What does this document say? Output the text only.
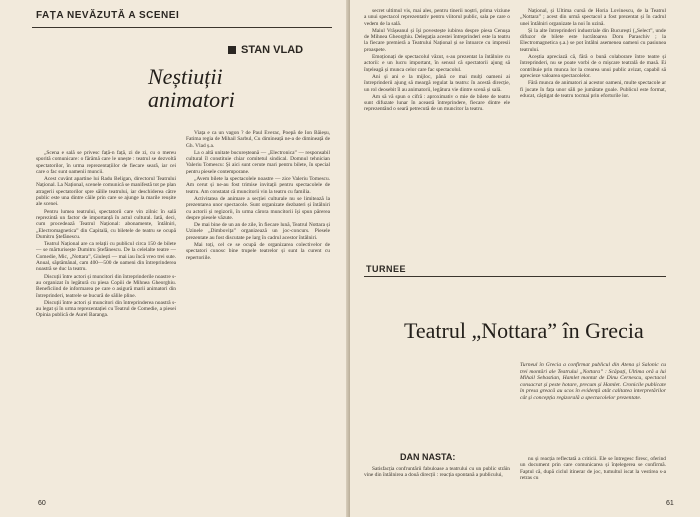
FAȚA NEVĂZUTĂ A SCENEI
STAN VLAD
Neștiuții animatori

„Scena e sală se privesc față-n față, zi de zi, cu o mereu sporită comunicare: o fărâmă care le unește : teatrul se dezvoltă spectatorilor, în urma reprezentațiilor de fiecare seară, iar cei care o fac sunt oamenii muncii.

Acest cuvânt apartine lui Radu Beligan, directorul Teatrului Național. La Național, scenele comunică se manifestă tot pe plan atragerii spectatorilor spre sălile teatrului, iar deschiderea către public este una dintre căile prin care se ajunge la marile reușite ale scenei.

Pentru lumea teatrului, spectatorii care vin zilnic în sală reprezintă un factor de importanță în actul cultural. Iată, deci, cum procedează Teatrul Național: abonamente, întâlniri, „Electromagnetica” din Capitală, cu biletele de teatru se ocupă Dumitru Ștefănescu.

Teatrul Național are ca relații cu publicul circa 150 de bilete — se mărturisește Dumitru Ștefănescu. De la celelalte teatre — Comedie, Mic, „Nottara”, Giulești — mai iau încă vreo trei sute. Anual, săptămânal, cam 400—500 de oameni din întreprinderea noastră se duc la teatru.

Discuții între actori și muncitori din întreprinderile noastre s-au organizat în legătură cu piesa Copiii de Mihnea Gheorghiu. Beneficiind de informarea pe care o asigură marii animatori din întreprinderi, teatrele se bucură de sălile pline.

Discuții între actori și muncitori din întreprinderea noastră s-au legat și în urma reprezentației cu Teatrul de Comedie, a piesei Opinia publică de Aurel Baranga.

Viața e ca un vagon ? de Paul Everac, Poepă de Ion Băieșu, Fatima regia de Mihail Sarbul, Cu dimineață ne-a de dimineață de Gh. Vlad ș.a.

La o altă unitate bucureșteană — „Electronica” — responsabil cultural îl constituie chiar comitetul sindical. Domnul tehnician Valeriu Tomescu: Și aici sunt cerute mari pentru bilete, în special pentru piesele contemporane.

„Avem bilete la spectacolele noastre — zice Valeriu Tomescu. Am cerut și ne-au fost trimise invitații pentru spectacolele de teatru. Am constatat că muncitorii vin la teatru cu familia.

Activitatea de animare a secției culturale nu se limitează la prezentarea unor spectacole. Sunt organizate dezbateri și întâlniri cu actorii și regizorii, în urma cărora muncitorii își spun părerea despre piesele văzute.

De mai bine de un an de zile, în fiecare lună, Teatrul Nottara și Uzinele „Dimbovița” organizează un joc-concurs. Piesele prezentate au fost discutate pe larg în cadrul acestor întâlniri.

Mai toți, cel ce se ocupă de organizarea colectivelor de spectatori cunosc bine trupele teatrelor și sunt la curent cu repertoriile.

60

secret ultimul vis, mai ales, pentru tinerii noștri, prima viziune a unui spectacol reprezentativ pentru viitorul public, sala pe care o vedem de la sală.

Maiul Vrășeanul și își povestește iubirea despre piesa Cenușa de Mihnea Gheorghiu. Delegația acestei întreprinderi este la teatru la fiecare premieră a Teatrului Național și se întoarce cu impresii proaspete.

Emoționați de spectacolul văzut, s-au prezentat la întâlnire cu actorii: e un lucru important, în sensul că spectatorii ajung să înțeleagă și munca celor care fac spectacolul.

Ani și ani e la mijloc, până ce mai mulți oameni ai întreprinderii ajung să meargă regulat la teatru: în acestă direcție, un rol deosebit îl au animatorii, legătura vie dintre scenă și sală.

Am să vă spun o cifră : aproximativ o mie de bilete de teatru sunt difuzate lunar în această întreprindere, fiecare dintre ele reprezentând o seară petrecută de un muncitor la teatru.

Național, și Ultima cursă de Horia Lovinescu, de la Teatrul „Nottara” ; acest din urmă spectacol a fost prezentat și în cadrul unei întâlniri organizate la noi în uzină.

Și la alte întreprinderi industriale din București („Select”, unde difuzor de bilete este lucrătoarea Doru Paraschiv ; la Electromagnetica ș.a.) se pot întâlni asemenea oameni cu pasiunea teatrului.

Aceștia apreciază că, fără o bună colaborare între teatre și întreprinderi, nu se poate vorbi de o mișcare teatrală de masă. Ei contribuie prin munca lor la crearea unui public avizat, capabil să aprecieze valoarea spectacolelor.

Fără munca de animatori ai acestor oameni, multe spectacole ar fi jucate în fața unor săli pe jumătate goale. Publicul este format, educat, câștigat de teatru tocmai prin eforturile lor.

TURNEE
Teatrul „Nottara” în Grecia
Turneul în Grecia a confirmat publicul din Atena și Salonic cu trei montări ale Teatrului „Nottara” : Scăpați, Ultima oră a lui Mihail Sebastian, Hamlet montat de Dinu Cernescu, spectacol consacrat și peste hotare, precum și Hamlet. Cronicile publicate în presa greacă au scos în evidență atât calitatea interpretărilor cât și concepția regizorală a spectacolelor prezentate.
DAN NASTA:

Satisfacția confruntării fabuloase a teatrului cu un public străin vine din întâlnirea a două direcții : reacția spontană a publicului,

nu și reacția reflectată a criticii. Ele se întregesc firesc, oferind un document prin care comunicarea și înțelegerea se confirmă. Faptul că, după ciclul itinerar de joc, tumultul iscat la vestirea s-a retras cu

61
